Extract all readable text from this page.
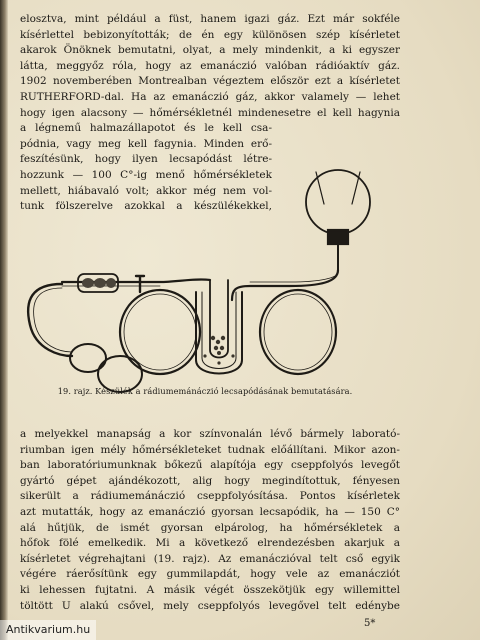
elosztva, mint például a füst, hanem igazi gáz. Ezt már sokféle
kísérlettel bebizonyították; de én egy különösen szép kísérletet
akarok Önöknek bemutatni, olyat, a mely mindenkit, a ki egyszer
látta, meggyőz róla, hogy az emanáczió valóban rádióaktív gáz.
1902 novemberében Montrealban végeztem először ezt a kísérletet
RUTHERFORD-dal. Ha az emanáczió gáz, akkor valamely — lehet
hogy igen alacsony — hőmérsékletnél mindenesetre el kell hagynia
a légnemű halmazállapotot és le kell csa-
pódnia, vagy meg kell fagynia. Minden erő-
feszítésünk, hogy ilyen lecsapódást létre-
hozzunk — 100 C°-ig menő hőmérsékletek
mellett, hiábavaló volt; akkor még nem vol-
tunk fölszerelve azokkal a készülékekkel,
19. rajz. Készülék a rádiumemánáczió lecsapódásának bemutatására.
a melyekkel manapság a kor színvonalán lévő bármely laborató-
riumban igen mély hőmérsékleteket tudnak előállítani. Mikor azon-
ban laboratóriumunknak bőkezű alapítója egy cseppfolyós levegőt
gyártó gépet ajándékozott, alig hogy megindítottuk, fényesen
sikerült a rádiumemánáczió cseppfolyósítása. Pontos kísérletek
azt mutatták, hogy az emanáczió gyorsan lecsapódik, ha — 150 C°
alá hűtjük, de ismét gyorsan elpárolog, ha hőmérsékletek a
hőfok fölé emelkedik. Mi a következő elrendezésben akarjuk a
kísérletet végrehajtani (19. rajz). Az emanáczióval telt cső egyik
végére ráerősítünk egy gummilapdát, hogy vele az emanácziót
ki lehessen fujtatni. A másik végét összekötjük egy willemittel
töltött U alakú csővel, mely cseppfolyós levegővel telt edénybe
5*
Antikvarium.hu
